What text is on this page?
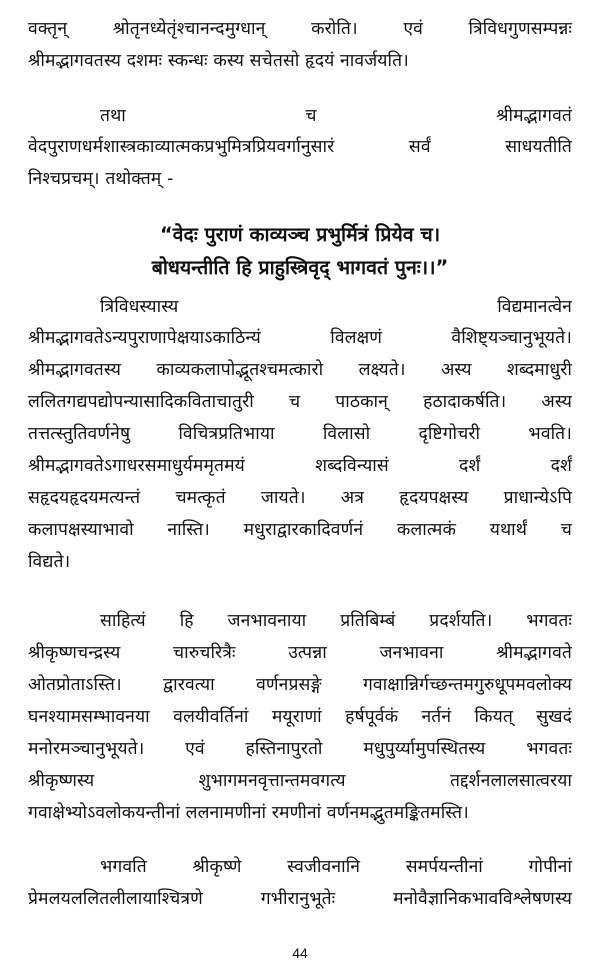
वक्तृन् श्रोतृनध्येतृंश्चानन्दमुग्धान् करोति। एवं त्रिविधगुणसम्पन्नः
श्रीमद्भागवतस्य दशमः स्कन्धः कस्य सचेतसो हृदयं नावर्जयति।
तथा च श्रीमद्भागवतं
वेदपुराणधर्मशास्त्रकाव्यात्मकप्रभुमित्रप्रियवर्गानुसारं सर्वं साधयतीति
निश्चप्रचम्। तथोक्तम् -
“वेदः पुराणं काव्यञ्च प्रभुर्मित्रं प्रियेव च।
बोधयन्तीति हि प्राहुस्त्रिवृद् भागवतं पुनः।।”
त्रिविधस्यास्य विद्यमानत्वेन
श्रीमद्भागवतेऽन्यपुराणापेक्षयाऽकाठिन्यं विलक्षणं वैशिष्ट्यञ्चानुभूयते।
श्रीमद्भागवतस्य काव्यकलापोद्भूतश्चमत्कारो लक्ष्यते। अस्य शब्दमाधुरी
ललितगद्यपद्योपन्यासादिकविताचातुरी च पाठकान् हठादाकर्षति। अस्य
तत्तत्स्तुतिवर्णनेषु विचित्रप्रतिभाया विलासो दृष्टिगोचरी भवति।
श्रीमद्भागवतेऽगाधरसमाधुर्यममृतमयं शब्दविन्यासं दर्शं दर्शं
सहृदयहृदयमत्यन्तं चमत्कृतं जायते। अत्र हृदयपक्षस्य प्राधान्येऽपि
कलापक्षस्याभावो नास्ति। मधुराद्वारकादिवर्णनं कलात्मकं यथार्थं च
विद्यते।
साहित्यं हि जनभावनाया प्रतिबिम्बं प्रदर्शयति। भगवतः
श्रीकृष्णचन्द्रस्य चारुचरित्रैः उत्पन्ना जनभावना श्रीमद्भागवते
ओतप्रोताऽस्ति। द्वारवत्या वर्णनप्रसङ्गे गवाक्षान्निर्गच्छन्तमगुरुधूपमवलोक्य
घनश्यामसम्भावनया वलयीवर्तिनां मयूराणां हर्षपूर्वकं नर्तनं कियत् सुखदं
मनोरमञ्चानुभूयते। एवं हस्तिनापुरतो मधुपुर्य्यामुपस्थितस्य भगवतः
श्रीकृष्णस्य शुभागमनवृत्तान्तमवगत्य तद्दर्शनलालसात्वरया
गवाक्षेभ्योऽवलोकयन्तीनां ललनामणीनां रमणीनां वर्णनमद्भुतमङ्कितमस्ति।
भगवति श्रीकृष्णे स्वजीवनानि समर्पयन्तीनां गोपीनां
प्रेमलयललितलीलायाश्चित्रणे गभीरानुभूतेः मनोवैज्ञानिकभावविश्लेषणस्य
44
